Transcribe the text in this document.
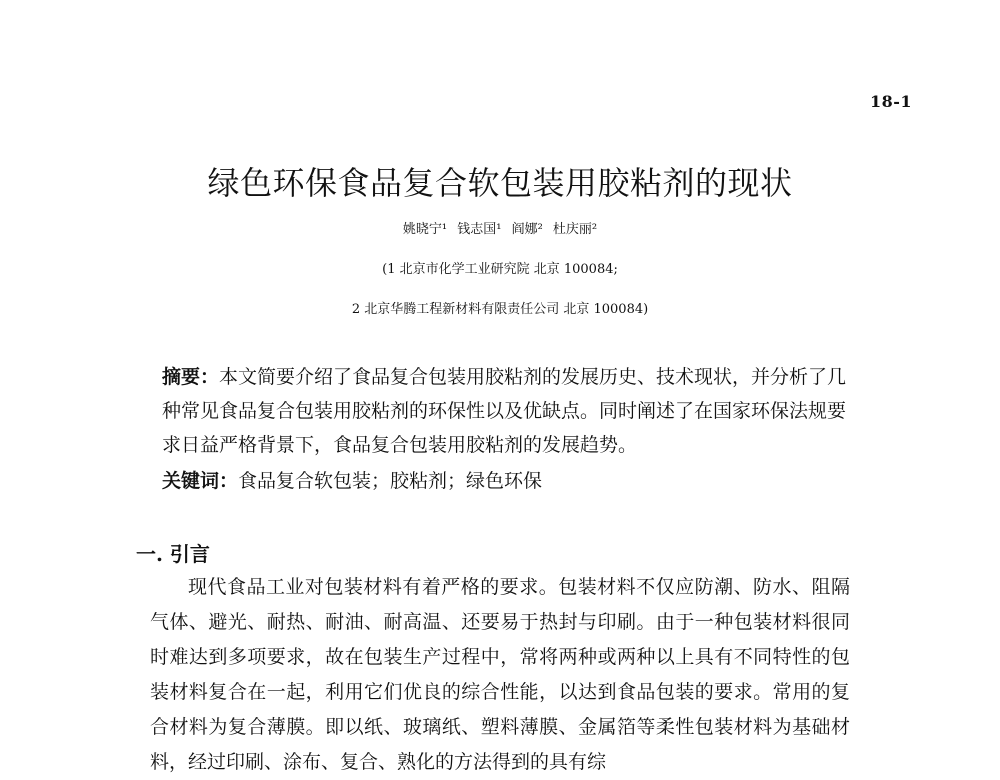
18-1
绿色环保食品复合软包装用胶粘剂的现状
姚晓宁¹ 钱志国¹ 阎娜² 杜庆丽²
(1 北京市化学工业研究院 北京 100084;
2 北京华腾工程新材料有限责任公司 北京 100084)
摘要：本文简要介绍了食品复合包装用胶粘剂的发展历史、技术现状，并分析了几种常见食品复合包装用胶粘剂的环保性以及优缺点。同时阐述了在国家环保法规要求日益严格背景下，食品复合包装用胶粘剂的发展趋势。
关键词：食品复合软包装；胶粘剂；绿色环保
一. 引言
现代食品工业对包装材料有着严格的要求。包装材料不仅应防潮、防水、阻隔气体、避光、耐热、耐油、耐高温、还要易于热封与印刷。由于一种包装材料很同时难达到多项要求，故在包装生产过程中，常将两种或两种以上具有不同特性的包装材料复合在一起，利用它们优良的综合性能，以达到食品包装的要求。常用的复合材料为复合薄膜。即以纸、玻璃纸、塑料薄膜、金属箔等柔性包装材料为基础材料，经过印刷、涂布、复合、熟化的方法得到的具有综
